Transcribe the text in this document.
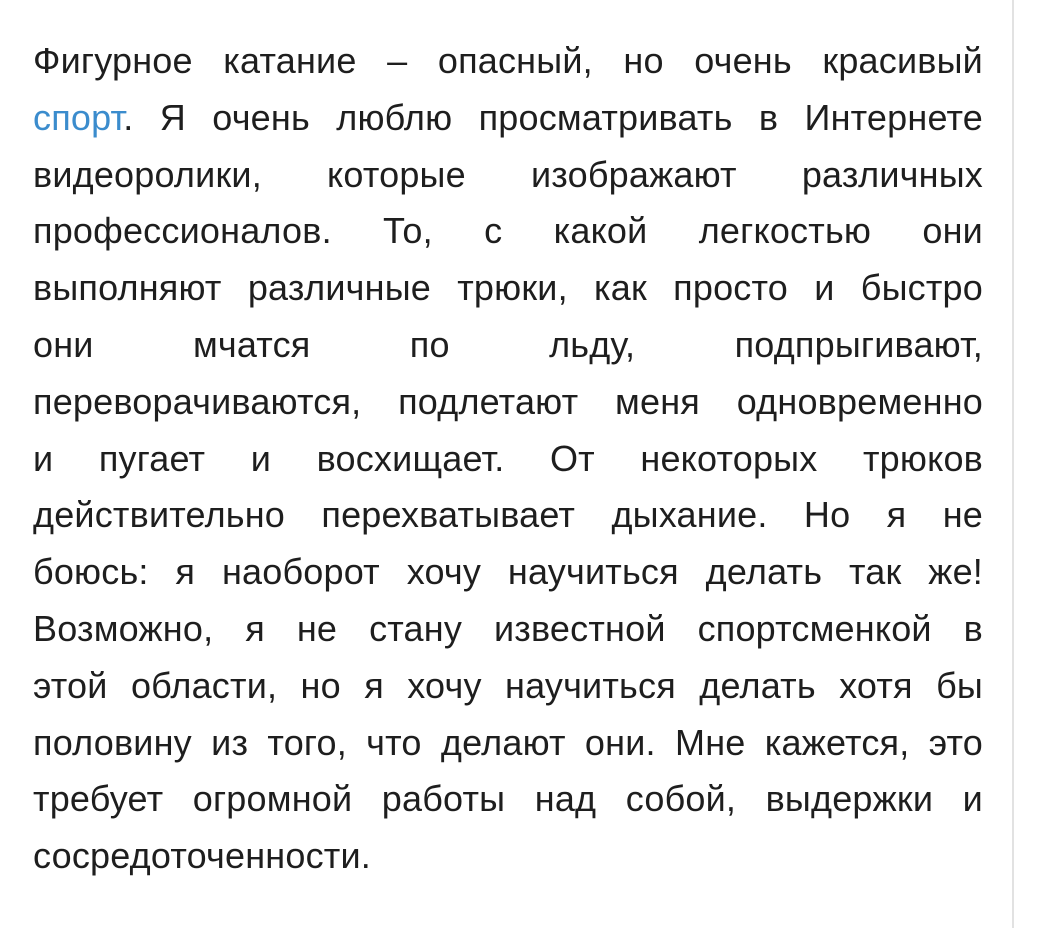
Фигурное катание – опасный, но очень красивый
спорт. Я очень люблю просматривать в Интернете
видеоролики, которые изображают различных
профессионалов. То, с какой легкостью они
выполняют различные трюки, как просто и быстро
они мчатся по льду, подпрыгивают,
переворачиваются, подлетают меня одновременно
и пугает и восхищает. От некоторых трюков
действительно перехватывает дыхание. Но я не
боюсь: я наоборот хочу научиться делать так же!
Возможно, я не стану известной спортсменкой в
этой области, но я хочу научиться делать хотя бы
половину из того, что делают они. Мне кажется, это
требует огромной работы над собой, выдержки и
сосредоточенности.
